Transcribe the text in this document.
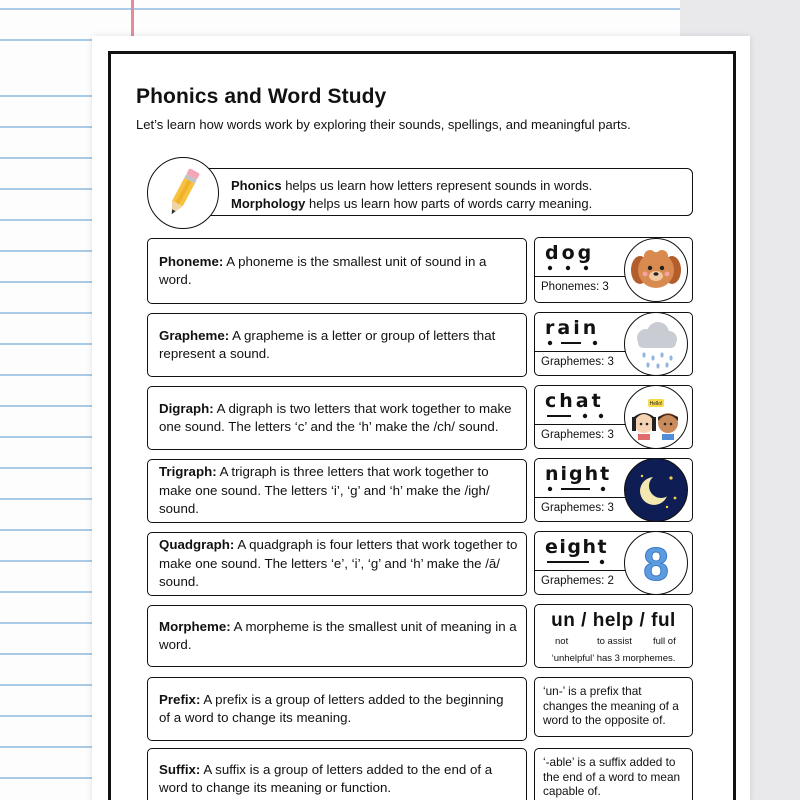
Phonics and Word Study
Let’s learn how words work by exploring their sounds, spellings, and meaningful parts.
Phonics helps us learn how letters represent sounds in words.
Morphology helps us learn how parts of words carry meaning.
Phoneme: A phoneme is the smallest unit of sound in a word.
dog
Phonemes: 3
Grapheme: A grapheme is a letter or group of letters that represent a sound.
rain
Graphemes: 3
Digraph: A digraph is two letters that work together to make one sound. The letters ‘c’ and the ‘h’ make the /ch/ sound.
chat
Graphemes: 3
Hello!
Trigraph: A trigraph is three letters that work together to make one sound. The letters ‘i’, ‘g’ and ‘h’ make the /igh/ sound.
night
Graphemes: 3
Quadgraph: A quadgraph is four letters that work together to make one sound. The letters ‘e’, ‘i’, ‘g’ and ‘h’ make the /ā/ sound.
eight
Graphemes: 2 8
Morpheme: A morpheme is the smallest unit of meaning in a word.
un / help / ful
not	to assist full of
‘unhelpful’ has 3 morphemes.
Prefix: A prefix is a group of letters added to the beginning of a word to change its meaning.
‘un-’ is a prefix that changes the meaning of a word to the opposite of.
Suffix: A suffix is a group of letters added to the end of a word to change its meaning or function.
‘-able’ is a suffix added to the end of a word to mean capable of.
